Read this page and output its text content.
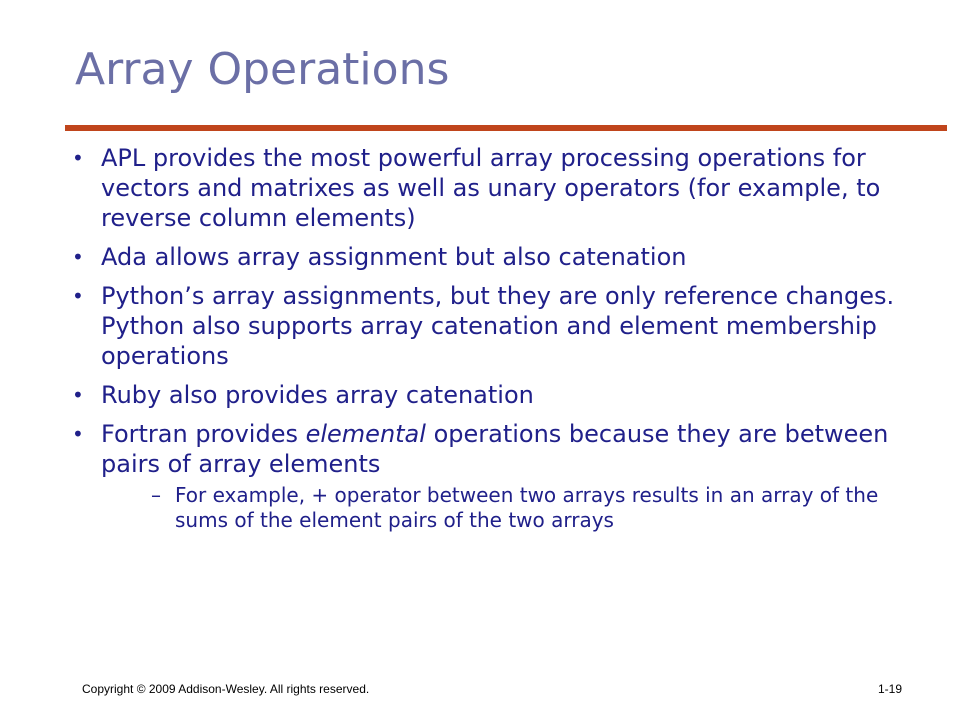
Array Operations
• APL provides the most powerful array processing operations for vectors and matrixes as well as unary operators (for example, to reverse column elements)
• Ada allows array assignment but also catenation
• Python’s array assignments, but they are only reference changes. Python also supports array catenation and element membership operations
• Ruby also provides array catenation
• Fortran provides elemental operations because they are between pairs of array elements
– For example, + operator between two arrays results in an array of the sums of the element pairs of the two arrays
Copyright © 2009 Addison-Wesley. All rights reserved.	1-19
